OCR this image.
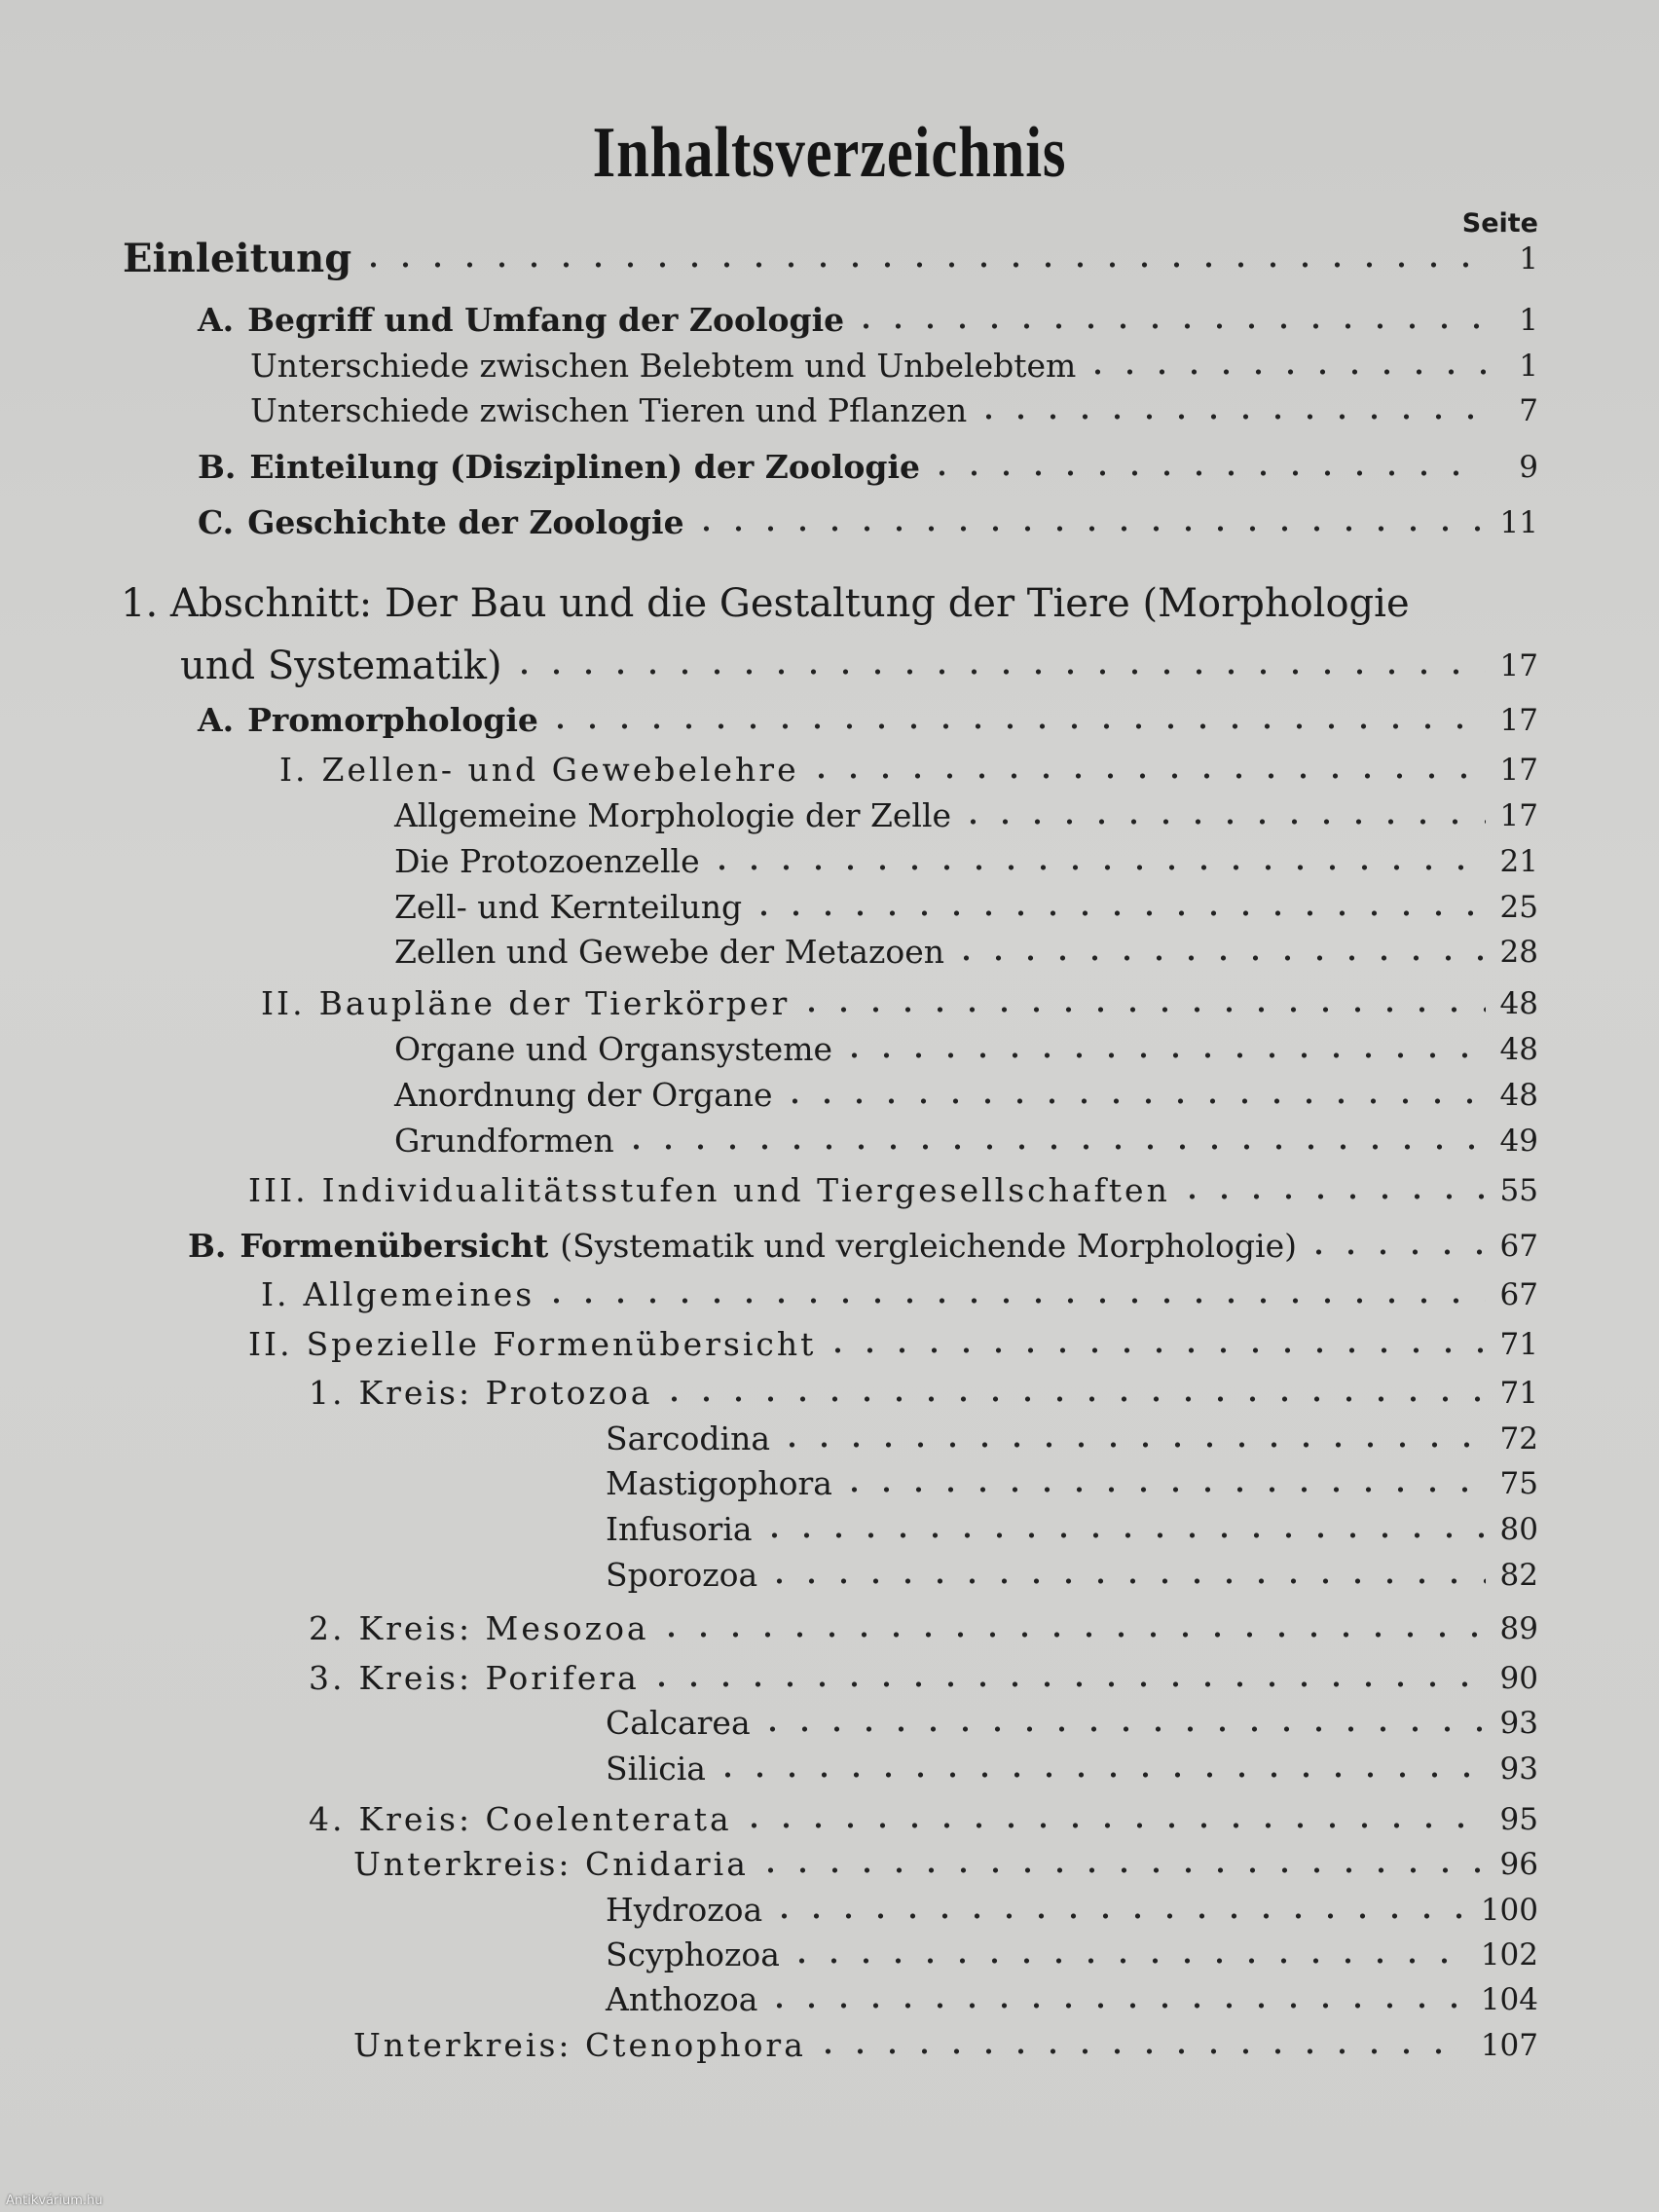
Inhaltsverzeichnis
Seite
Einleitung	1
A. Begriff und Umfang der Zoologie	1
Unterschiede zwischen Belebtem und Unbelebtem	1
Unterschiede zwischen Tieren und Pflanzen	7
B. Einteilung (Disziplinen) der Zoologie	9
C. Geschichte der Zoologie	11
1. Abschnitt: Der Bau und die Gestaltung der Tiere (Morphologie
und Systematik)	17
A. Promorphologie	17
I. Zellen- und Gewebelehre	17
Allgemeine Morphologie der Zelle	17
Die Protozoenzelle	21
Zell- und Kernteilung	25
Zellen und Gewebe der Metazoen	28
II. Baupläne der Tierkörper	48
Organe und Organsysteme	48
Anordnung der Organe	48
Grundformen	49
III. Individualitätsstufen und Tiergesellschaften	55
B. Formenübersicht (Systematik und vergleichende Morphologie)	67
I. Allgemeines	67
II. Spezielle Formenübersicht	71
1. Kreis: Protozoa	71
Sarcodina	72
Mastigophora	75
Infusoria	80
Sporozoa	82
2. Kreis: Mesozoa	89
3. Kreis: Porifera	90
Calcarea	93
Silicia	93
4. Kreis: Coelenterata	95
Unterkreis: Cnidaria	96
Hydrozoa	100
Scyphozoa	102
Anthozoa	104
Unterkreis: Ctenophora	107
Antikvárium.hu
